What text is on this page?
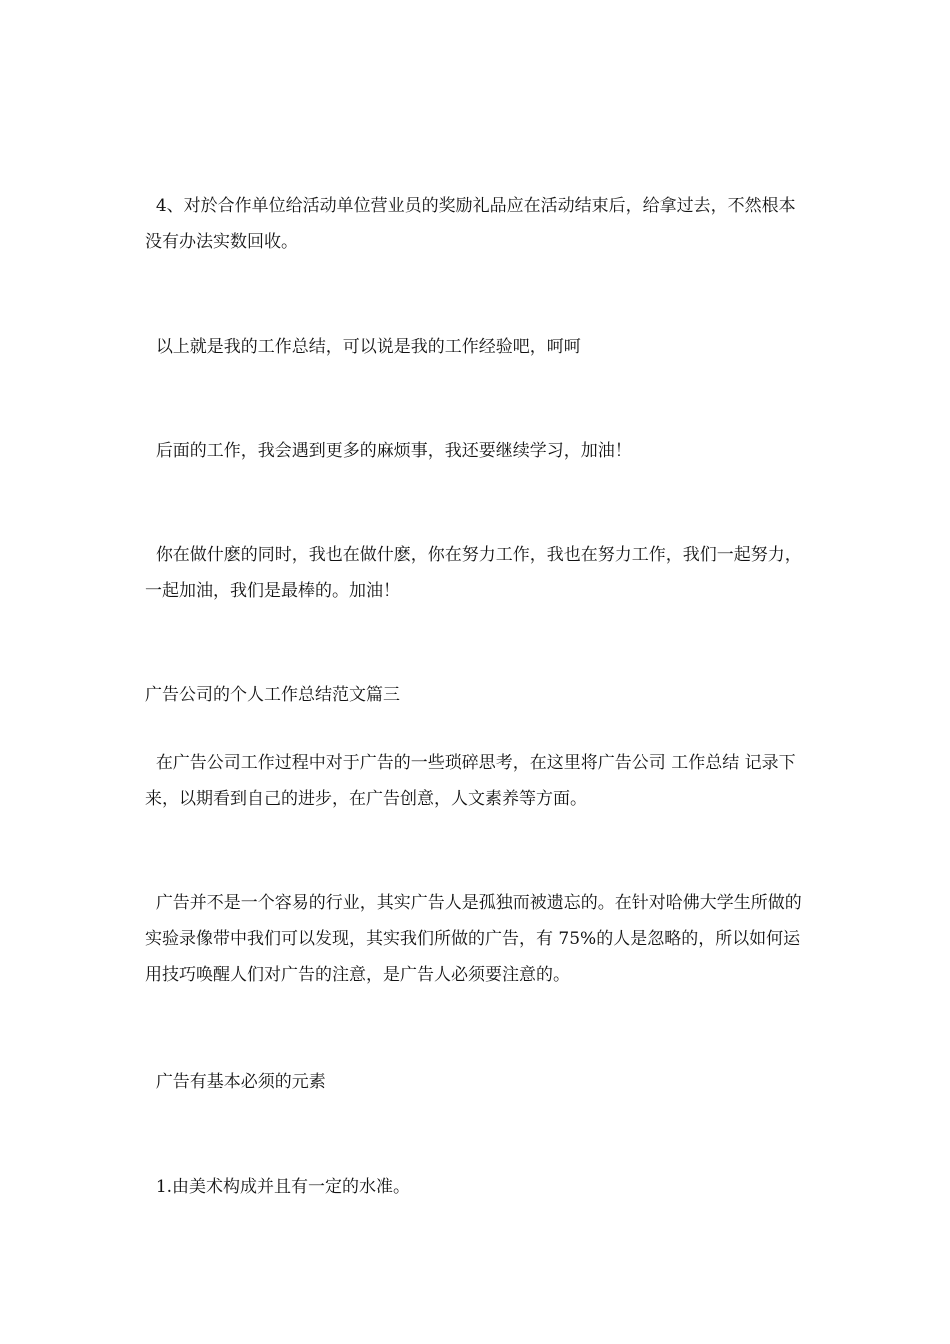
4、对於合作单位给活动单位营业员的奖励礼品应在活动结束后，给拿过去，不然根本没有办法实数回收。

以上就是我的工作总结，可以说是我的工作经验吧，呵呵

后面的工作，我会遇到更多的麻烦事，我还要继续学习，加油！

你在做什麽的同时，我也在做什麽，你在努力工作，我也在努力工作，我们一起努力，一起加油，我们是最棒的。加油！

广告公司的个人工作总结范文篇三

在广告公司工作过程中对于广告的一些琐碎思考，在这里将广告公司 工作总结 记录下来，以期看到自己的进步，在广告创意，人文素养等方面。

广告并不是一个容易的行业，其实广告人是孤独而被遗忘的。在针对哈佛大学生所做的实验录像带中我们可以发现，其实我们所做的广告，有 75%的人是忽略的，所以如何运用技巧唤醒人们对广告的注意，是广告人必须要注意的。

广告有基本必须的元素

1.由美术构成并且有一定的水准。
